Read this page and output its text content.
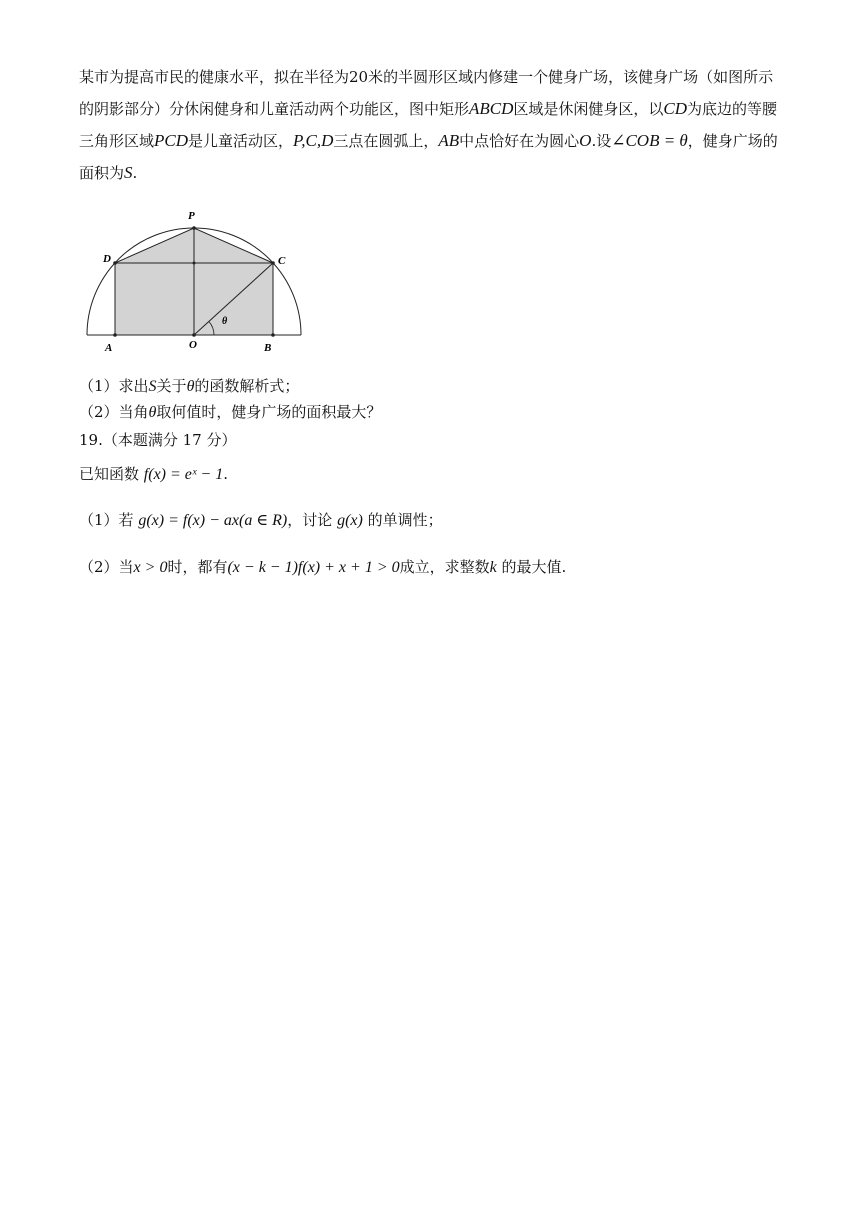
某市为提高市民的健康水平，拟在半径为20米的半圆形区域内修建一个健身广场，该健身广场（如图所示的阴影部分）分休闲健身和儿童活动两个功能区，图中矩形ABCD区域是休闲健身区，以CD为底边的等腰三角形区域PCD是儿童活动区，P,C,D三点在圆弧上，AB中点恰好在为圆心O.设∠COB = θ，健身广场的面积为S.

P
D	C
A	O	B
θ

（1）求出S关于θ的函数解析式；

（2）当角θ取何值时，健身广场的面积最大？

19.（本题满分 17 分）

已知函数 f(x) = eˣ − 1.

（1）若 g(x) = f(x) − ax(a ∈ R)，讨论 g(x) 的单调性；

（2）当x > 0时，都有(x − k − 1)f(x) + x + 1 > 0成立，求整数k 的最大值.
